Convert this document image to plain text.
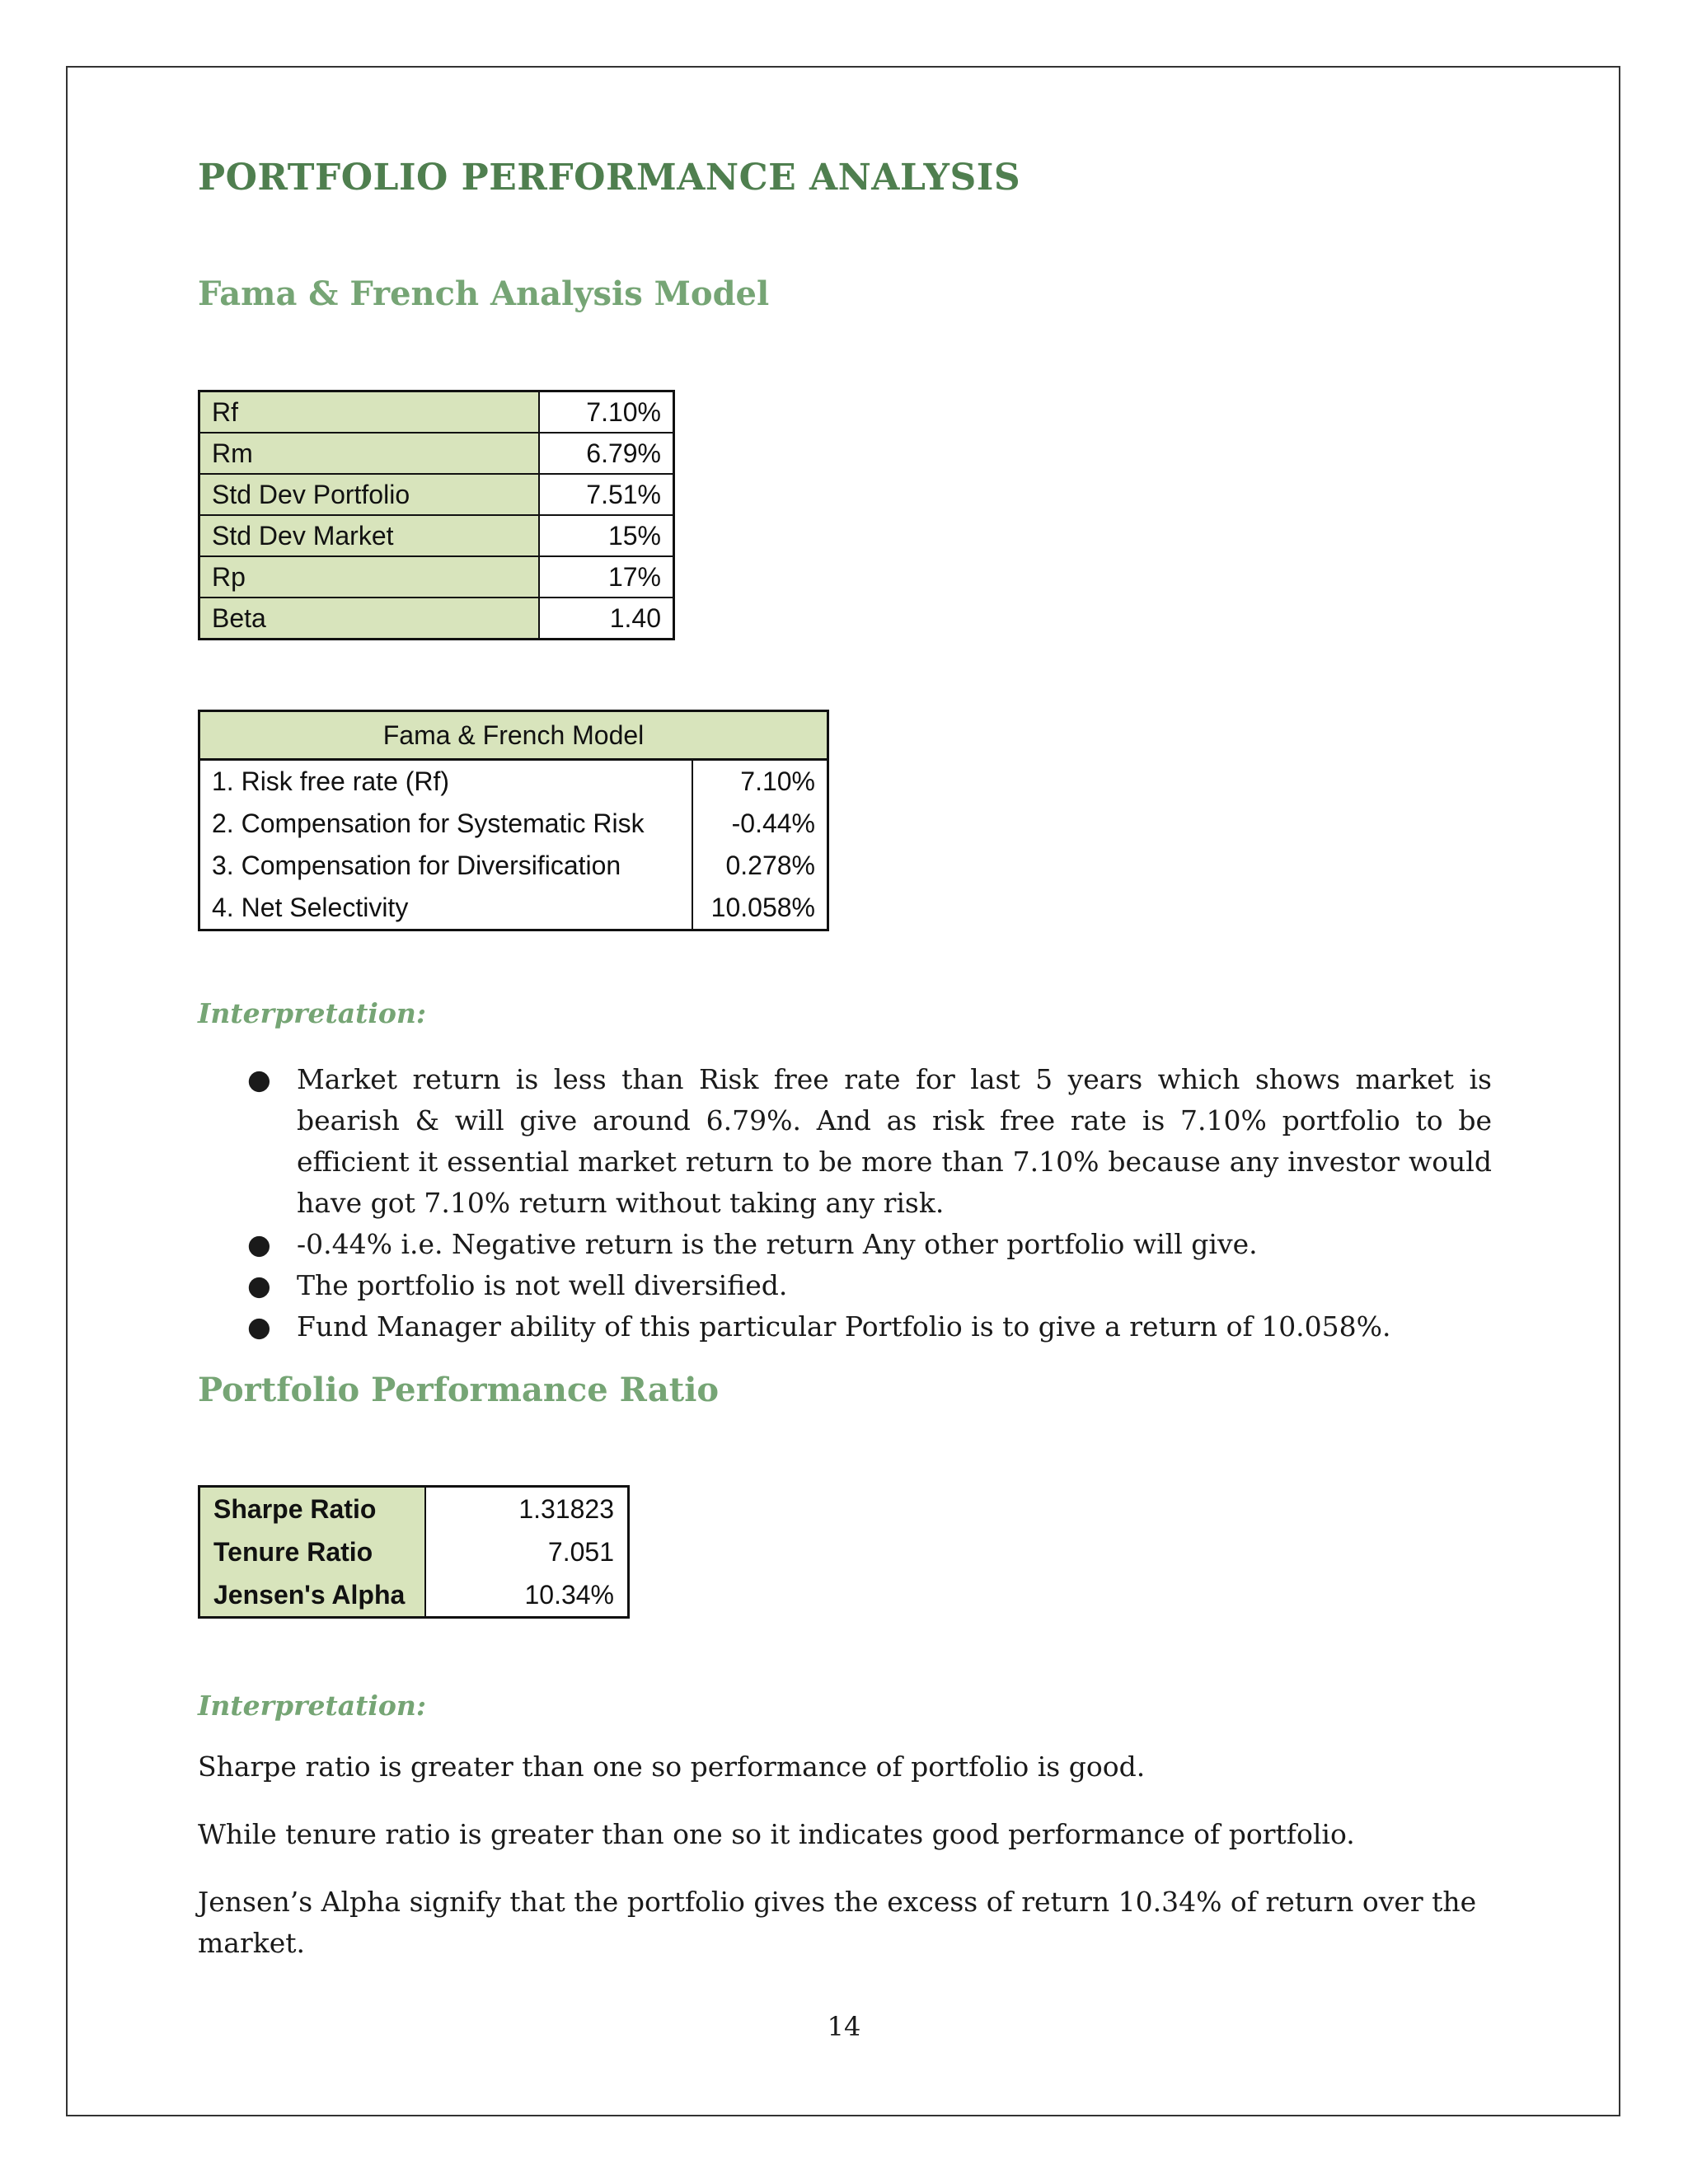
PORTFOLIO PERFORMANCE ANALYSIS
Fama & French Analysis Model
Rf	7.10%
Rm	6.79%
Std Dev Portfolio	7.51%
Std Dev Market	15%
Rp	17%
Beta	1.40
Fama & French Model	
1. Risk free rate (Rf)	7.10%
2. Compensation for Systematic Risk	-0.44%
3. Compensation for Diversification	0.278%
4. Net Selectivity	10.058%
Interpretation:
● Market return is less than Risk free rate for last 5 years which shows market is bearish & will give around 6.79%. And as risk free rate is 7.10% portfolio to be efficient it essential market return to be more than 7.10% because any investor would have got 7.10% return without taking any risk.
● -0.44% i.e. Negative return is the return Any other portfolio will give.
● The portfolio is not well diversified.
● Fund Manager ability of this particular Portfolio is to give a return of 10.058%.
Portfolio Performance Ratio
Sharpe Ratio	1.31823
Tenure Ratio	7.051
Jensen's Alpha	10.34%
Interpretation:

Sharpe ratio is greater than one so performance of portfolio is good.

While tenure ratio is greater than one so it indicates good performance of portfolio.

Jensen’s Alpha signify that the portfolio gives the excess of return 10.34% of return over the market.

14
